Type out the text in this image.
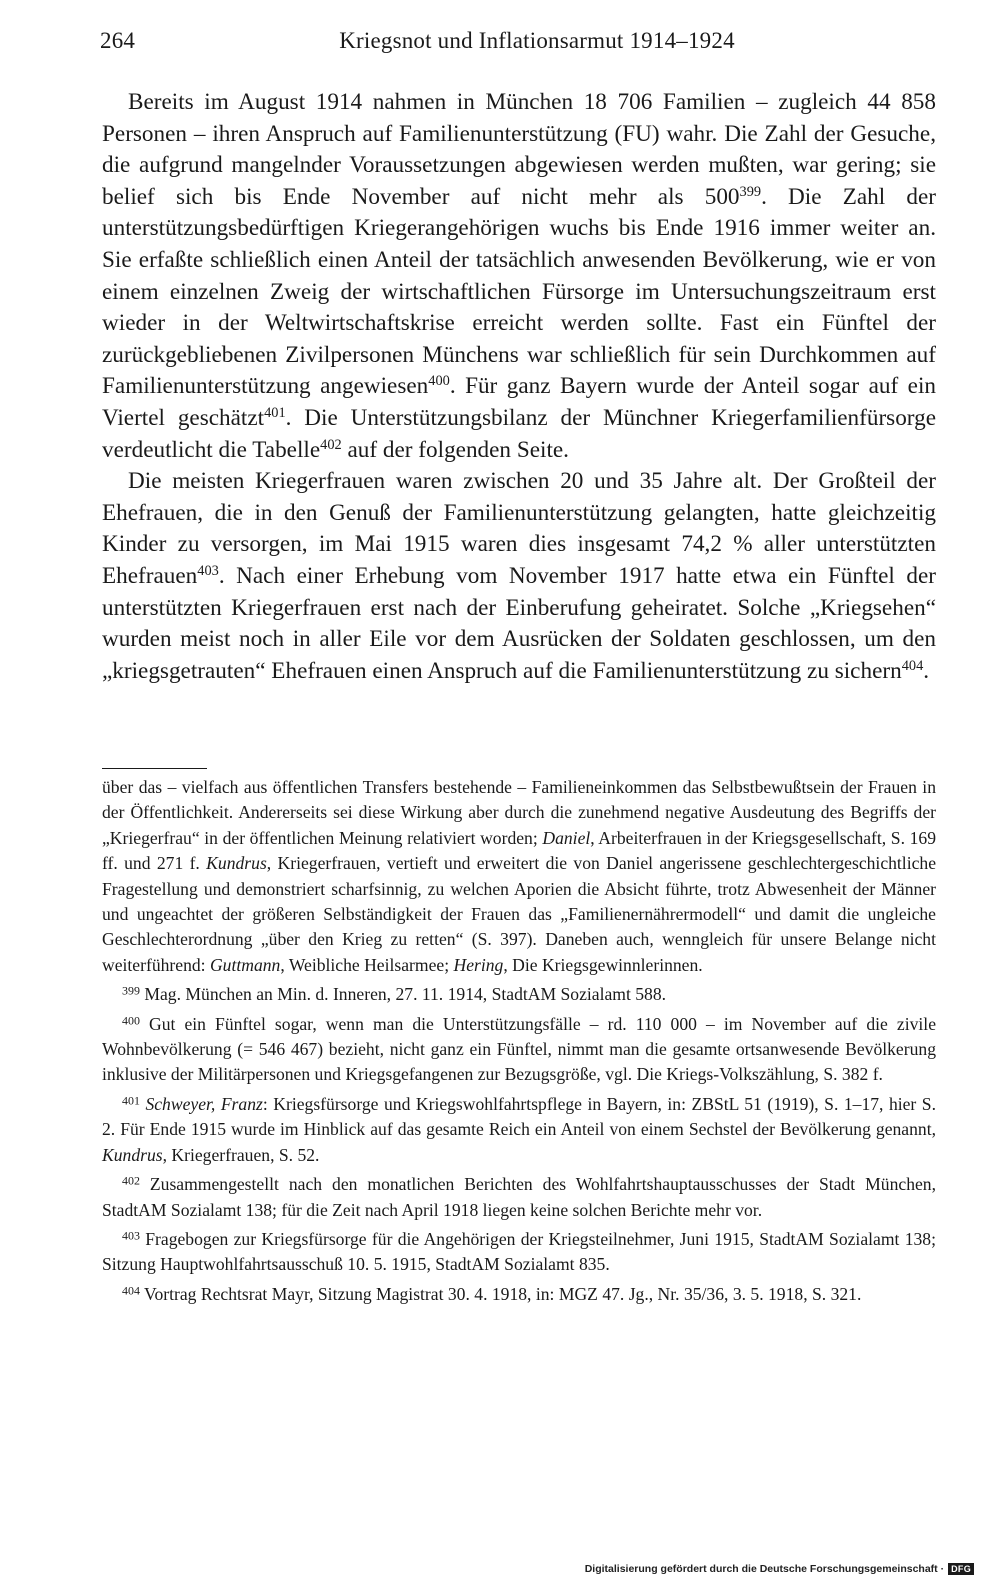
264	Kriegsnot und Inflationsarmut 1914–1924

Bereits im August 1914 nahmen in München 18 706 Familien – zugleich 44 858 Personen – ihren Anspruch auf Familienunterstützung (FU) wahr. Die Zahl der Gesuche, die aufgrund mangelnder Voraussetzungen abgewiesen werden mußten, war gering; sie belief sich bis Ende November auf nicht mehr als $500^{399}$. Die Zahl der unterstützungsbedürftigen Kriegerangehörigen wuchs bis Ende 1916 immer weiter an. Sie erfaßte schließlich einen Anteil der tatsächlich anwesenden Bevölkerung, wie er von einem einzelnen Zweig der wirtschaftlichen Fürsorge im Untersuchungszeitraum erst wieder in der Weltwirtschaftskrise erreicht werden sollte. Fast ein Fünftel der zurückgebliebenen Zivilpersonen Münchens war schließlich für sein Durchkommen auf Familienunterstützung angewiesen$^{400}$. Für ganz Bayern wurde der Anteil sogar auf ein Viertel geschätzt$^{401}$. Die Unterstützungsbilanz der Münchner Kriegerfamilienfürsorge verdeutlicht die Tabelle$^{402}$ auf der folgenden Seite.

Die meisten Kriegerfrauen waren zwischen 20 und 35 Jahre alt. Der Großteil der Ehefrauen, die in den Genuß der Familienunterstützung gelangten, hatte gleichzeitig Kinder zu versorgen, im Mai 1915 waren dies insgesamt 74,2 % aller unterstützten Ehefrauen$^{403}$. Nach einer Erhebung vom November 1917 hatte etwa ein Fünftel der unterstützten Kriegerfrauen erst nach der Einberufung geheiratet. Solche „Kriegsehen“ wurden meist noch in aller Eile vor dem Ausrücken der Soldaten geschlossen, um den „kriegsgetrauten“ Ehefrauen einen Anspruch auf die Familienunterstützung zu sichern$^{404}$.

über das – vielfach aus öffentlichen Transfers bestehende – Familieneinkommen das Selbstbewußtsein der Frauen in der Öffentlichkeit. Andererseits sei diese Wirkung aber durch die zunehmend negative Ausdeutung des Begriffs der „Kriegerfrau“ in der öffentlichen Meinung relativiert worden; Daniel, Arbeiterfrauen in der Kriegsgesellschaft, S. 169 ff. und 271 f. Kundrus, Kriegerfrauen, vertieft und erweitert die von Daniel angerissene geschlechtergeschichtliche Fragestellung und demonstriert scharfsinnig, zu welchen Aporien die Absicht führte, trotz Abwesenheit der Männer und ungeachtet der größeren Selbständigkeit der Frauen das „Familienernährermodell“ und damit die ungleiche Geschlechterordnung „über den Krieg zu retten“ (S. 397). Daneben auch, wenngleich für unsere Belange nicht weiterführend: Guttmann, Weibliche Heilsarmee; Hering, Die Kriegsgewinnlerinnen.

$^{399}$ Mag. München an Min. d. Inneren, 27. 11. 1914, StadtAM Sozialamt 588.

$^{400}$ Gut ein Fünftel sogar, wenn man die Unterstützungsfälle – rd. 110 000 – im November auf die zivile Wohnbevölkerung (= 546 467) bezieht, nicht ganz ein Fünftel, nimmt man die gesamte ortsanwesende Bevölkerung inklusive der Militärpersonen und Kriegsgefangenen zur Bezugsgröße, vgl. Die Kriegs-Volkszählung, S. 382 f.

$^{401}$ Schweyer, Franz: Kriegsfürsorge und Kriegswohlfahrtspflege in Bayern, in: ZBStL 51 (1919), S. 1–17, hier S. 2. Für Ende 1915 wurde im Hinblick auf das gesamte Reich ein Anteil von einem Sechstel der Bevölkerung genannt, Kundrus, Kriegerfrauen, S. 52.

$^{402}$ Zusammengestellt nach den monatlichen Berichten des Wohlfahrtshauptausschusses der Stadt München, StadtAM Sozialamt 138; für die Zeit nach April 1918 liegen keine solchen Berichte mehr vor.

$^{403}$ Fragebogen zur Kriegsfürsorge für die Angehörigen der Kriegsteilnehmer, Juni 1915, StadtAM Sozialamt 138; Sitzung Hauptwohlfahrtsausschuß 10. 5. 1915, StadtAM Sozialamt 835.

$^{404}$ Vortrag Rechtsrat Mayr, Sitzung Magistrat 30. 4. 1918, in: MGZ 47. Jg., Nr. 35/36, 3. 5. 1918, S. 321.

Digitalisierung gefördert durch die Deutsche Forschungsgemeinschaft · DFG
